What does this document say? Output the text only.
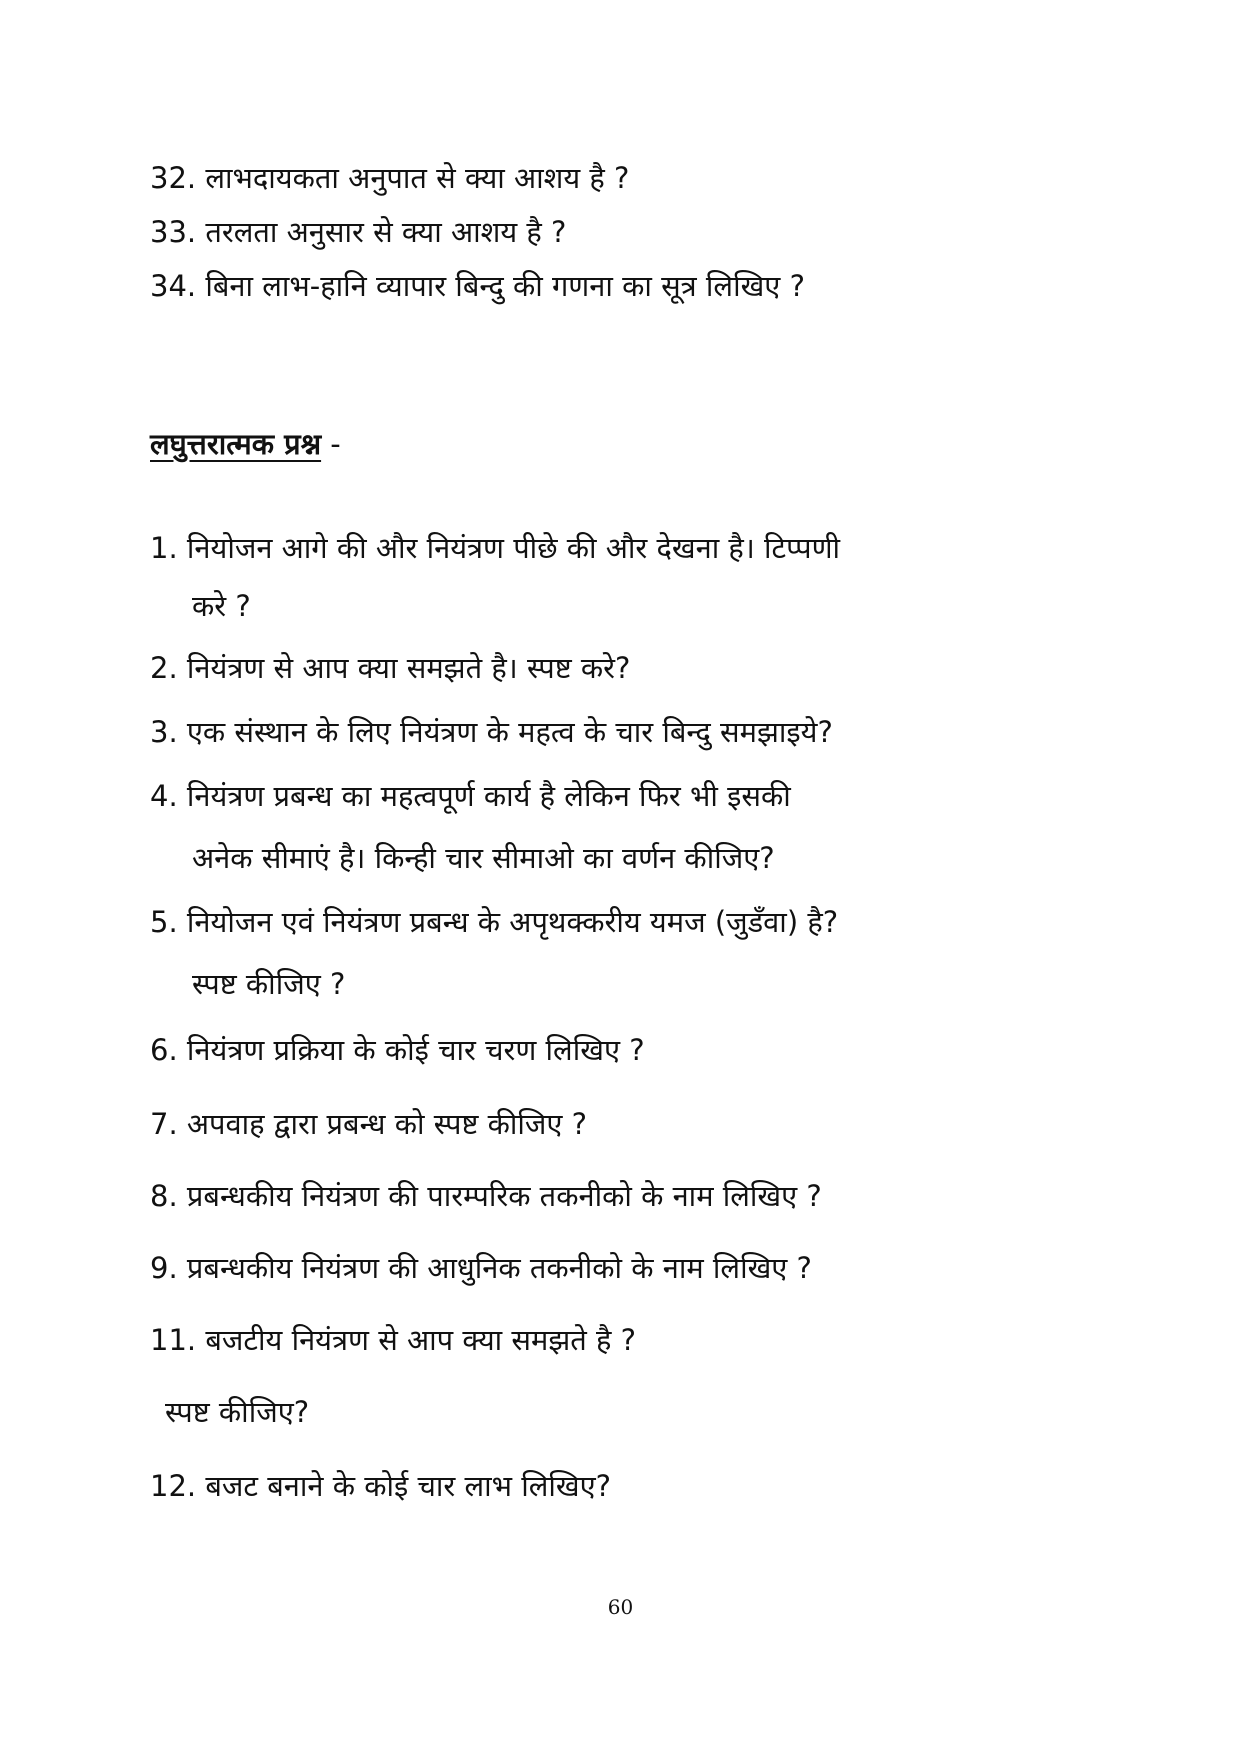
32. लाभदायकता अनुपात से क्या आशय है ?
33. तरलता अनुसार से क्या आशय है ?
34. बिना लाभ-हानि व्यापार बिन्दु की गणना का सूत्र लिखिए ?
लघुत्तरात्मक प्रश्न -
1. नियोजन आगे की और नियंत्रण पीछे की और देखना है। टिप्पणी
करे ?
2. नियंत्रण से आप क्या समझते है। स्पष्ट करे?
3. एक संस्थान के लिए नियंत्रण के महत्व के चार बिन्दु समझाइये?
4. नियंत्रण प्रबन्ध का महत्वपूर्ण कार्य है लेकिन फिर भी इसकी
अनेक सीमाएं है। किन्ही चार सीमाओ का वर्णन कीजिए?
5. नियोजन एवं नियंत्रण प्रबन्ध के अपृथक्करीय यमज (जुडँवा) है?
स्पष्ट कीजिए ?
6. नियंत्रण प्रक्रिया के कोई चार चरण लिखिए ?
7. अपवाह द्वारा प्रबन्ध को स्पष्ट कीजिए ?
8. प्रबन्धकीय नियंत्रण की पारम्परिक तकनीको के नाम लिखिए ?
9. प्रबन्धकीय नियंत्रण की आधुनिक तकनीको के नाम लिखिए ?
11. बजटीय नियंत्रण से आप क्या समझते है ?
स्पष्ट कीजिए?
12. बजट बनाने के कोई चार लाभ लिखिए?
60
